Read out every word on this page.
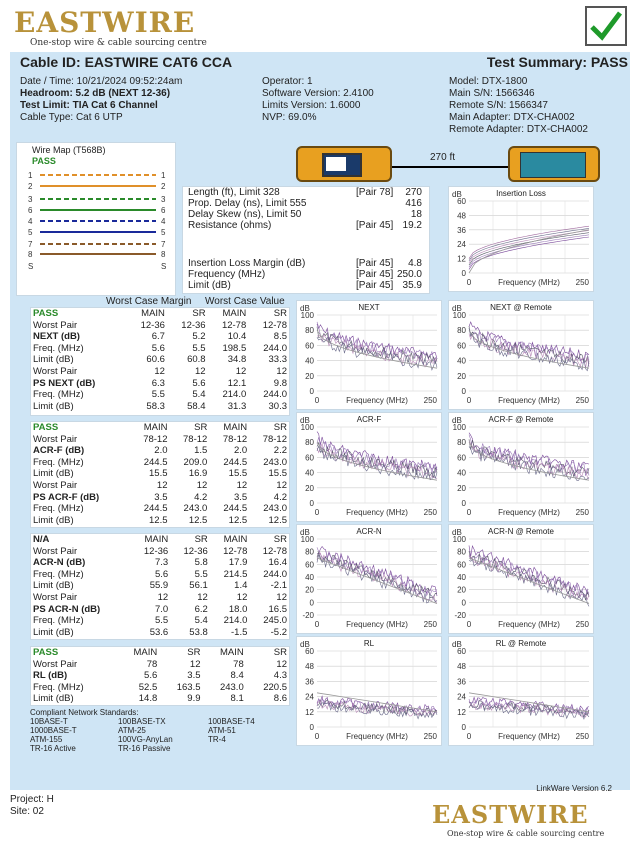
EASTWIRE
One-stop wire & cable sourcing centre
Cable ID: EASTWIRE CAT6 CCA	Test Summary: PASS
Date / Time: 10/21/2024 09:52:24am
Headroom: 5.2 dB (NEXT 12-36)
Test Limit: TIA Cat 6 Channel
Cable Type: Cat 6 UTP
Operator: 1
Software Version: 2.4100
Limits Version: 1.6000
NVP: 69.0%
Model: DTX-1800
Main S/N: 1566346
Remote S/N: 1566347
Main Adapter: DTX-CHA002
Remote Adapter: DTX-CHA002
Wire Map (T568B)
PASS
1	1
2	2
3	3
6	6
4	4
5	5
7	7
8	8
S	S
270 ft
Length (ft), Limit 328	[Pair 78] 270
Prop. Delay (ns), Limit 555	416
Delay Skew (ns), Limit 50	18
Resistance (ohms)	[Pair 45] 19.2
Insertion Loss Margin (dB)	[Pair 45] 4.8
Frequency (MHz)	[Pair 45] 250.0
Limit (dB)	[Pair 45] 35.9
Worst Case Margin Worst Case Value
PASS	MAIN	SR	MAIN	SR
Worst Pair	12-36	12-36	12-78	12-78
NEXT (dB)	6.7	5.2	10.4	8.5
Freq. (MHz)	5.6	5.5	198.5	244.0
Limit (dB)	60.6	60.8	34.8	33.3
Worst Pair	12	12	12	12
PS NEXT (dB)	6.3	5.6	12.1	9.8
Freq. (MHz)	5.5	5.4	214.0	244.0
Limit (dB)	58.3	58.4	31.3	30.3
PASS	MAIN	SR	MAIN	SR
Worst Pair	78-12	78-12	78-12	78-12
ACR-F (dB)	2.0	1.5	2.0	2.2
Freq. (MHz)	244.5	209.0	244.5	243.0
Limit (dB)	15.5	16.9	15.5	15.5
Worst Pair	12	12	12	12
PS ACR-F (dB)	3.5	4.2	3.5	4.2
Freq. (MHz)	244.5	243.0	244.5	243.0
Limit (dB)	12.5	12.5	12.5	12.5
N/A	MAIN	SR	MAIN	SR
Worst Pair	12-36	12-36	12-78	12-78
ACR-N (dB)	7.3	5.8	17.9	16.4
Freq. (MHz)	5.6	5.5	214.5	244.0
Limit (dB)	55.9	56.1	1.4	-2.1
Worst Pair	12	12	12	12
PS ACR-N (dB)	7.0	6.2	18.0	16.5
Freq. (MHz)	5.5	5.4	214.0	245.0
Limit (dB)	53.6	53.8	-1.5	-5.2
PASS	MAIN	SR	MAIN	SR
Worst Pair	78	12	78	12
RL (dB)	5.6	3.5	8.4	4.3
Freq. (MHz)	52.5	163.5	243.0	220.5
Limit (dB)	14.8	9.9	8.1	8.6
Compliant Network Standards:
10BASE-T	100BASE-TX	100BASE-T4
1000BASE-T	ATM-25	ATM-51
ATM-155	100VG-AnyLan	TR-4
TR-16 Active	TR-16 Passive
Insertion Loss
dB
60
48
36
24
12
0
0	Frequency (MHz) 250
NEXT
dB
100
80
60
40
20
0
0	Frequency (MHz) 250
NEXT @ Remote
dB
100
80
60
40
20
0
0	Frequency (MHz) 250
ACR-F
dB
100
80
60
40
20
0
0	Frequency (MHz) 250
ACR-F @ Remote
dB
100
80
60
40
20
0
0	Frequency (MHz) 250
ACR-N
dB
100
80
60
40
20
0
-20
0	Frequency (MHz) 250
ACR-N @ Remote
dB
100
80
60
40
20
0
-20
0	Frequency (MHz) 250
RL
dB
60
48
36
24
12
0
0	Frequency (MHz) 250
RL @ Remote
dB
60
48
36
24
12
0
0	Frequency (MHz) 250
LinkWare Version 6.2
Project: H
Site: 02	EASTWIRE
One-stop wire & cable sourcing centre
